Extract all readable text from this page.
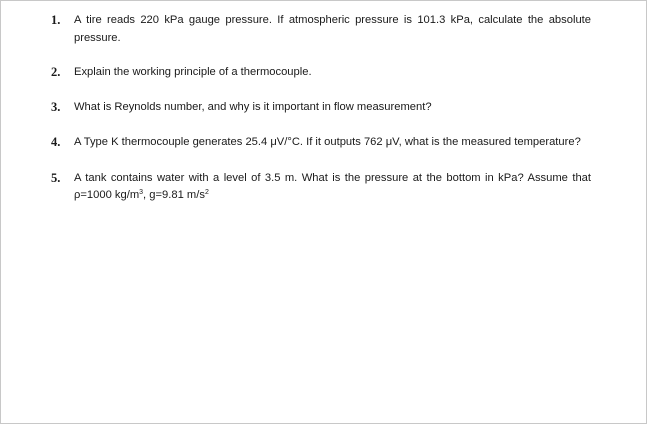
1. A tire reads 220 kPa gauge pressure. If atmospheric pressure is 101.3 kPa, calculate the absolute pressure.
2. Explain the working principle of a thermocouple.
3. What is Reynolds number, and why is it important in flow measurement?
4. A Type K thermocouple generates 25.4 μV/°C. If it outputs 762 μV, what is the measured temperature?
5. A tank contains water with a level of 3.5 m. What is the pressure at the bottom in kPa? Assume that ρ=1000 $kg/m^3$, g=9.81 $m/s^2$
